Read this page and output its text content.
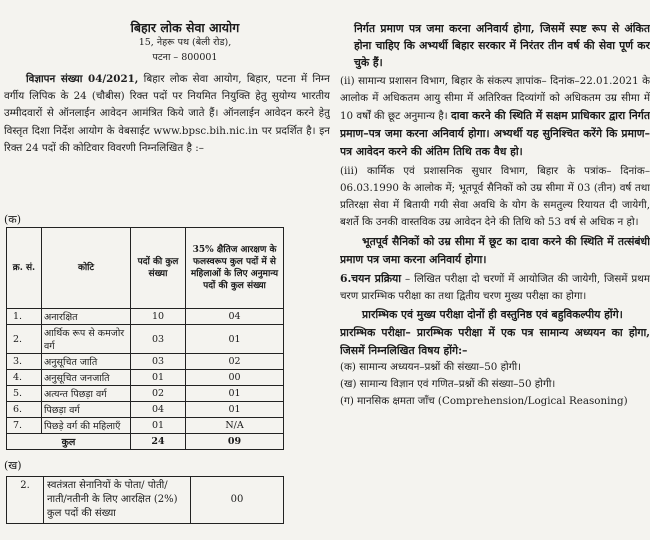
बिहार लोक सेवा आयोग
15, नेहरू पथ (बेली रोड),
पटना – 800001

विज्ञापन संख्या 04/2021, बिहार लोक सेवा आयोग, बिहार, पटना में निम्न वर्गीय लिपिक के 24 (चौबीस) रिक्त पदों पर नियमित नियुक्ति हेतु सुयोग्य भारतीय उम्मीदवारों से ऑनलाईन आवेदन आमंत्रित किये जाते हैं। ऑनलाईन आवेदन करने हेतु विस्तृत दिशा निर्देश आयोग के वेबसाईट www.bpsc.bih.nic.in पर प्रदर्शित है। इन रिक्त 24 पदों की कोटिवार विवरणी निम्नलिखित है :–

(क)
क्र. सं.	कोटि	पदों की कुल संख्या	35% क्षैतिज आरक्षण के फलस्वरूप कुल पदों में से महिलाओं के लिए अनुमान्य पदों की कुल संख्या
1.	अनारक्षित	10	04
2.	आर्थिक रूप से कमजोर वर्ग	03	01
3.	अनुसूचित जाति	03	02
4.	अनुसूचित जनजाति	01	00
5.	अत्यन्त पिछड़ा वर्ग	02	01
6.	पिछड़ा वर्ग	04	01
7.	पिछड़े वर्ग की महिलाएँ	01	N/A
कुल		24	09
(ख)
2.	स्वतंत्रता सेनानियों के पोता/ पोती/नाती/नतीनी के लिए आरक्षित (2%) कुल पदों की संख्या	00

निर्गत प्रमाण पत्र जमा करना अनिवार्य होगा, जिसमें स्पष्ट रूप से अंकित होना चाहिए कि अभ्यर्थी बिहार सरकार में निरंतर तीन वर्ष की सेवा पूर्ण कर चुके हैं।

(ii) सामान्य प्रशासन विभाग, बिहार के संकल्प ज्ञापांक– दिनांक–22.01.2021 के आलोक में अधिकतम आयु सीमा में अतिरिक्त दिव्यांगों को अधिकतम उम्र सीमा में 10 वर्षों की छूट अनुमान्य है। दावा करने की स्थिति में सक्षम प्राधिकार द्वारा निर्गत प्रमाण–पत्र जमा करना अनिवार्य होगा। अभ्यर्थी यह सुनिश्चित करेंगे कि प्रमाण–पत्र आवेदन करने की अंतिम तिथि तक वैध हो।

(iii) कार्मिक एवं प्रशासनिक सुधार विभाग, बिहार के पत्रांक– दिनांक–06.03.1990 के आलोक में; भूतपूर्व सैनिकों को उम्र सीमा में 03 (तीन) वर्ष तथा प्रतिरक्षा सेवा में बितायी गयी सेवा अवधि के योग के समतुल्य रियायत दी जायेगी, बशर्ते कि उनकी वास्तविक उम्र आवेदन देने की तिथि को 53 वर्ष से अधिक न हो।

भूतपूर्व सैनिकों को उम्र सीमा में छूट का दावा करने की स्थिति में तत्संबंधी प्रमाण पत्र जमा करना अनिवार्य होगा।

6.चयन प्रक्रिया – लिखित परीक्षा दो चरणों में आयोजित की जायेगी, जिसमें प्रथम चरण प्रारम्भिक परीक्षा का तथा द्वितीय चरण मुख्य परीक्षा का होगा।

प्रारम्भिक एवं मुख्य परीक्षा दोनों ही वस्तुनिष्ठ एवं बहुविकल्पीय होंगे।

प्रारम्भिक परीक्षा– प्रारम्भिक परीक्षा में एक पत्र सामान्य अध्ययन का होगा, जिसमें निम्नलिखित विषय होंगे:–

(क) सामान्य अध्ययन–प्रश्नों की संख्या–50 होगी।
(ख) सामान्य विज्ञान एवं गणित–प्रश्नों की संख्या–50 होगी।
(ग) मानसिक क्षमता जाँच (Comprehension/Logical Reasoning)
